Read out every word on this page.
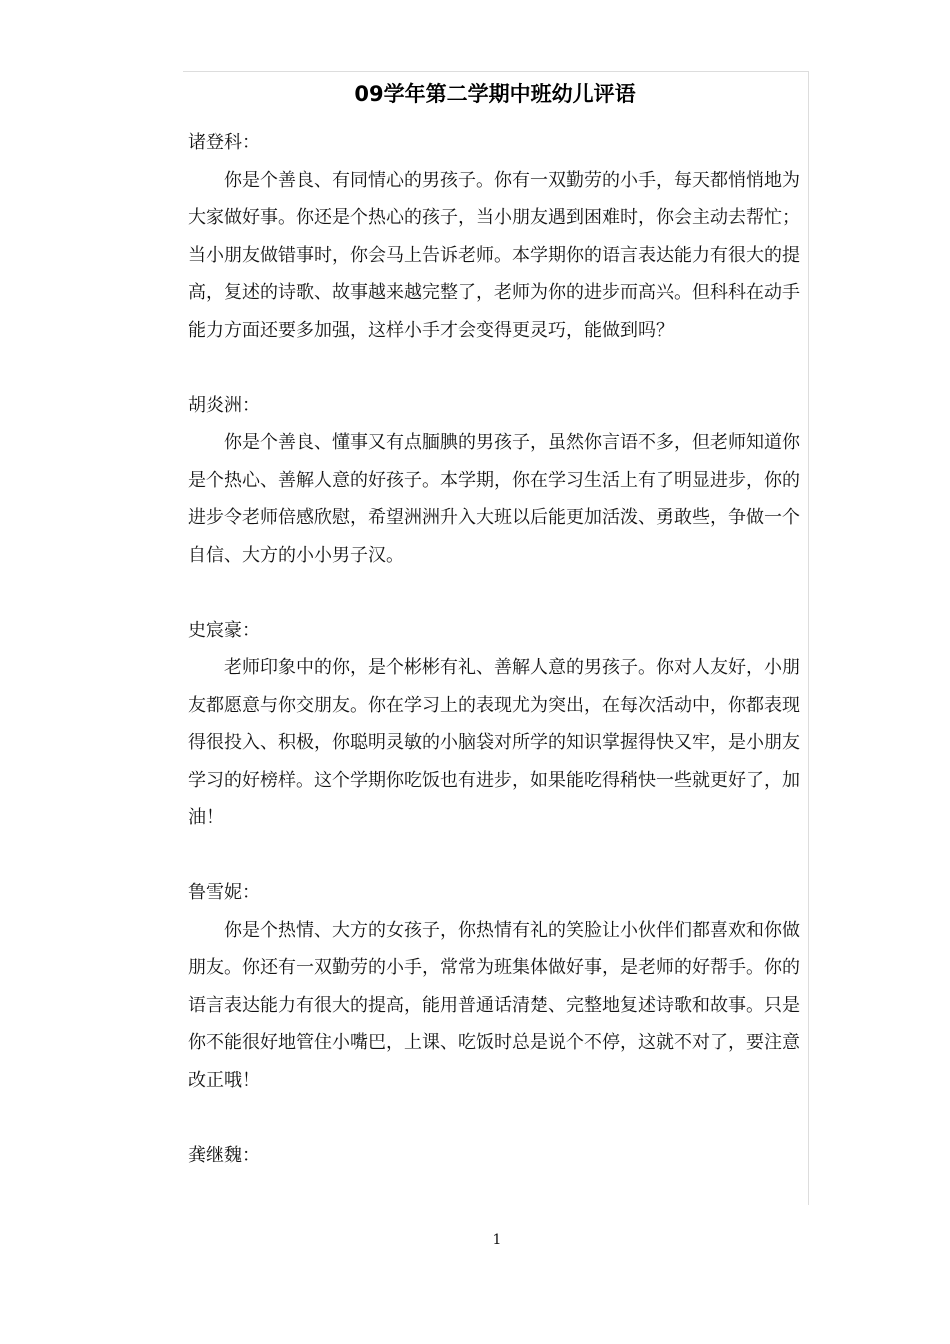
09学年第二学期中班幼儿评语

诸登科：

你是个善良、有同情心的男孩子。你有一双勤劳的小手，每天都悄悄地为大家做好事。你还是个热心的孩子，当小朋友遇到困难时，你会主动去帮忙；当小朋友做错事时，你会马上告诉老师。本学期你的语言表达能力有很大的提高，复述的诗歌、故事越来越完整了，老师为你的进步而高兴。但科科在动手能力方面还要多加强，这样小手才会变得更灵巧，能做到吗？

胡炎洲：

你是个善良、懂事又有点腼腆的男孩子，虽然你言语不多，但老师知道你是个热心、善解人意的好孩子。本学期，你在学习生活上有了明显进步，你的进步令老师倍感欣慰，希望洲洲升入大班以后能更加活泼、勇敢些，争做一个自信、大方的小小男子汉。

史宸豪：

老师印象中的你，是个彬彬有礼、善解人意的男孩子。你对人友好，小朋友都愿意与你交朋友。你在学习上的表现尤为突出，在每次活动中，你都表现得很投入、积极，你聪明灵敏的小脑袋对所学的知识掌握得快又牢，是小朋友学习的好榜样。这个学期你吃饭也有进步，如果能吃得稍快一些就更好了，加油！

鲁雪妮：

你是个热情、大方的女孩子，你热情有礼的笑脸让小伙伴们都喜欢和你做朋友。你还有一双勤劳的小手，常常为班集体做好事，是老师的好帮手。你的语言表达能力有很大的提高，能用普通话清楚、完整地复述诗歌和故事。只是你不能很好地管住小嘴巴，上课、吃饭时总是说个不停，这就不对了，要注意改正哦！

龚继魏：

1
